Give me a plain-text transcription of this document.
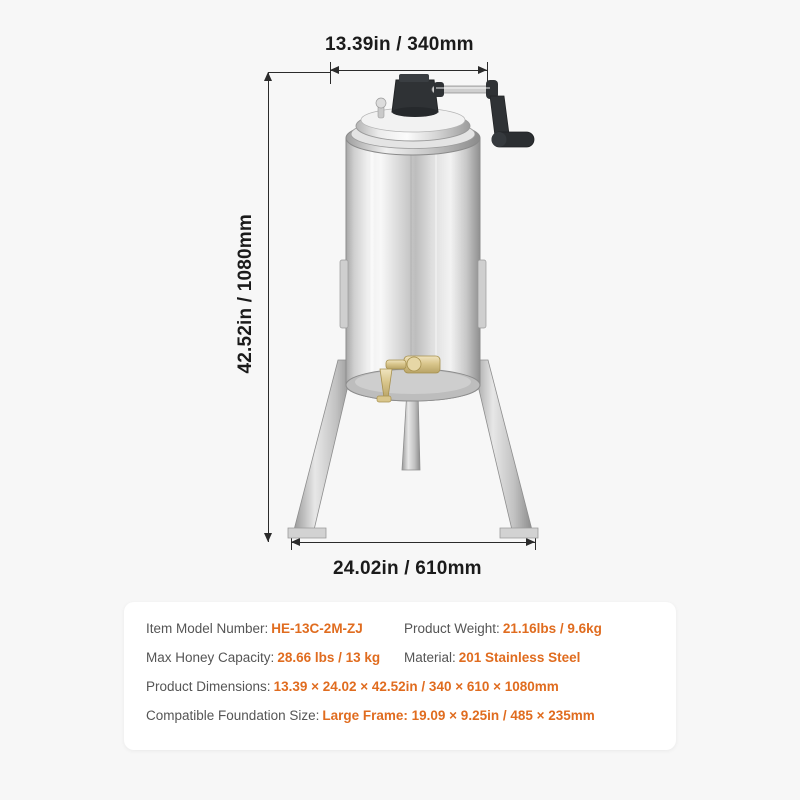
13.39in / 340mm
42.52in / 1080mm
24.02in / 610mm
Item Model Number: HE-13C-2M-ZJ	Product Weight: 21.16lbs / 9.6kg
Max Honey Capacity: 28.66 lbs / 13 kg	Material: 201 Stainless Steel
Product Dimensions: 13.39 × 24.02 × 42.52in / 340 × 610 × 1080mm
Compatible Foundation Size: Large Frame: 19.09 × 9.25in / 485 × 235mm
